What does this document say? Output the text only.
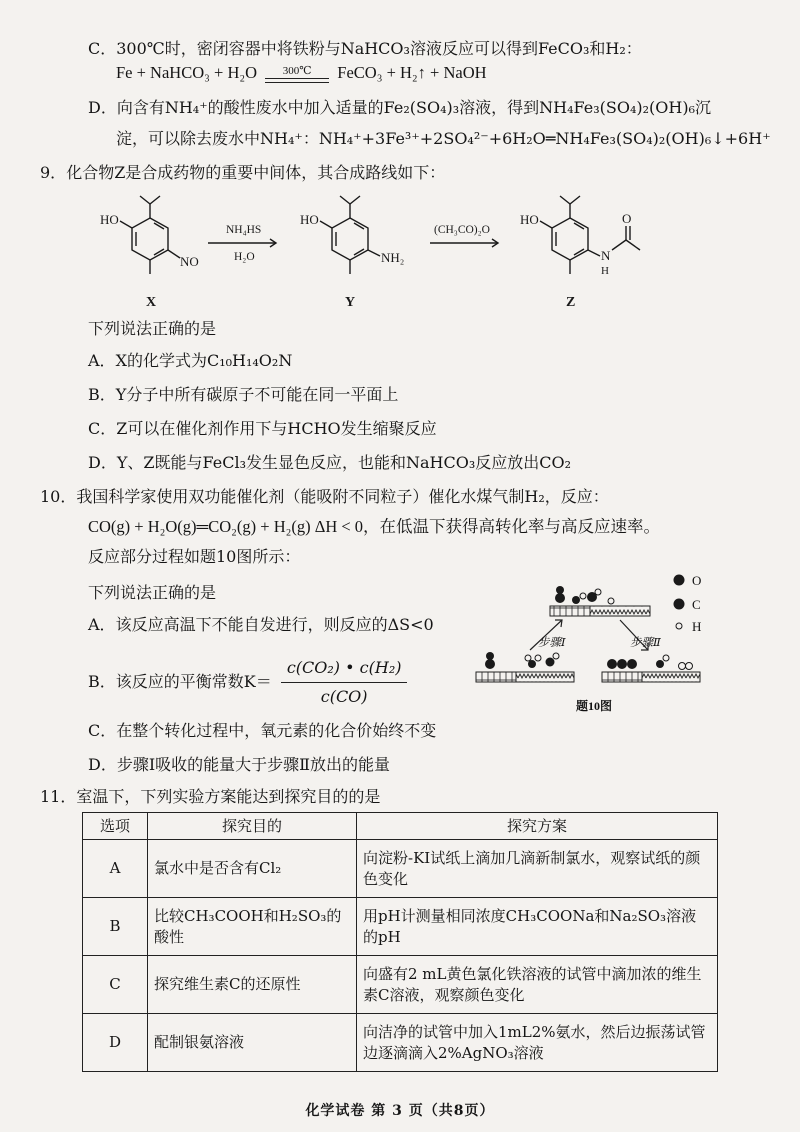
C．300℃时，密闭容器中将铁粉与NaHCO₃溶液反应可以得到FeCO₃和H₂：
Fe + NaHCO₃ + H₂O	300℃	FeCO₃ + H₂↑ + NaOH
D．向含有NH₄⁺的酸性废水中加入适量的Fe₂(SO₄)₃溶液，得到NH₄Fe₃(SO₄)₂(OH)₆沉
淀，可以除去废水中NH₄⁺：NH₄⁺+3Fe³⁺+2SO₄²⁻+6H₂O═NH₄Fe₃(SO₄)₂(OH)₆↓+6H⁺
9．化合物Z是合成药物的重要中间体，其合成路线如下：
HO
NO
NH₄HS
H₂O
HO
NH₂
(CH₃CO)₂O
HO	O
N
H
X	Y	Z
下列说法正确的是
A．X的化学式为C₁₀H₁₄O₂N
B．Y分子中所有碳原子不可能在同一平面上
C．Z可以在催化剂作用下与HCHO发生缩聚反应
D．Y、Z既能与FeCl₃发生显色反应，也能和NaHCO₃反应放出CO₂
10．我国科学家使用双功能催化剂（能吸附不同粒子）催化水煤气制H₂，反应：
CO(g) + H₂O(g)═CO₂(g) + H₂(g) ΔH < 0，在低温下获得高转化率与高反应速率。
反应部分过程如题10图所示：
下列说法正确的是
A．该反应高温下不能自发进行，则反应的ΔS<0
B．该反应的平衡常数$K= \frac{\text{c(CO₂) • c(H₂)}}{c(CO)}$
C．在整个转化过程中，氧元素的化合价始终不变
D．步骤Ⅰ吸收的能量大于步骤Ⅱ放出的能量
O
C
H
步骤Ⅰ	步骤Ⅱ
题10图
11．室温下，下列实验方案能达到探究目的的是
选项	探究目的	探究方案
A	氯水中是否含有Cl₂	向淀粉-KI试纸上滴加几滴新制氯水，观察试纸的颜色变化
B	比较CH₃COOH和H₂SO₃的酸性	用pH计测量相同浓度CH₃COONa和Na₂SO₃溶液的pH
C	探究维生素C的还原性	向盛有2 mL黄色氯化铁溶液的试管中滴加浓的维生素C溶液，观察颜色变化
D	配制银氨溶液	向洁净的试管中加入1mL2%氨水，然后边振荡试管边逐滴滴入2%AgNO₃溶液
化学试卷 第 3 页（共8页）
